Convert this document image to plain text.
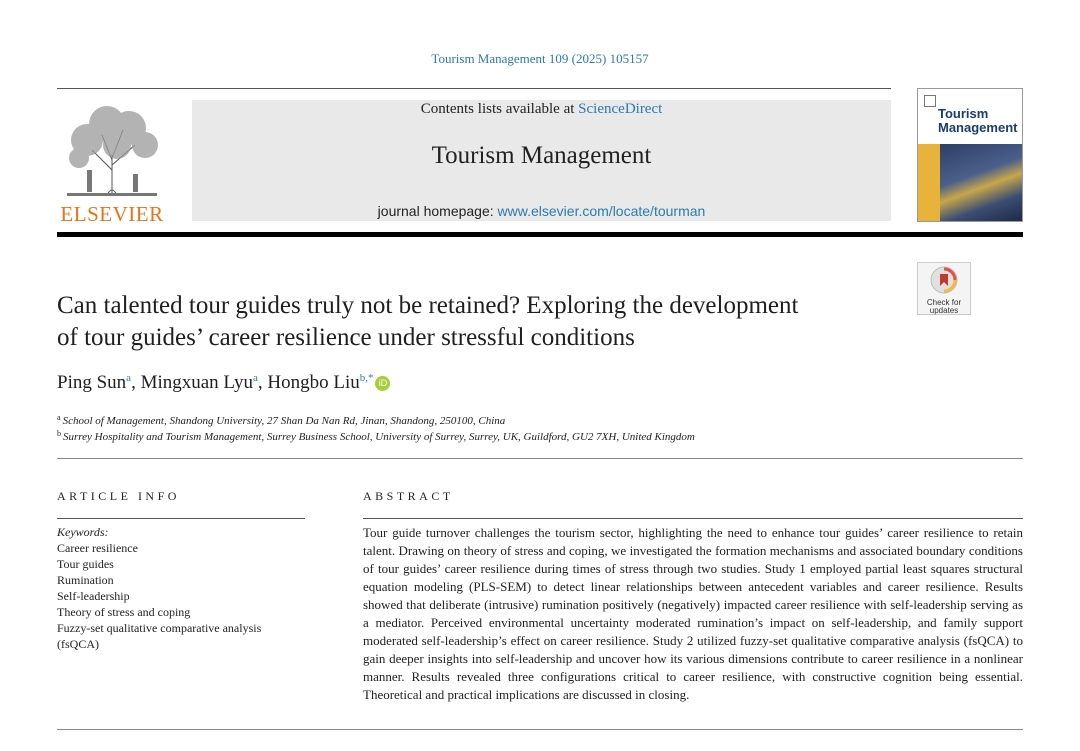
Tourism Management 109 (2025) 105157
ELSEVIER
Contents lists available at ScienceDirect
Tourism Management
journal homepage: www.elsevier.com/locate/tourman
Tourism
Management
Can talented tour guides truly not be retained? Exploring the development
of tour guides’ career resilience under stressful conditions
Check for
updates
Ping Sun$^a$, Mingxuan Lyu$^a$, Hongbo Liu$^{b,*}$ iD
$^a$ School of Management, Shandong University, 27 Shan Da Nan Rd, Jinan, Shandong, 250100, China
$^b$ Surrey Hospitality and Tourism Management, Surrey Business School, University of Surrey, Surrey, UK, Guildford, GU2 7XH, United Kingdom
ARTICLE INFO	ABSTRACT
Keywords:
Career resilience
Tour guides
Rumination
Self-leadership
Theory of stress and coping
Fuzzy-set qualitative comparative analysis
(fsQCA)
Tour guide turnover challenges the tourism sector, highlighting the need to enhance tour guides’ career resilience to retain talent. Drawing on theory of stress and coping, we investigated the formation mechanisms and associated boundary conditions of tour guides’ career resilience during times of stress through two studies. Study 1 employed partial least squares structural equation modeling (PLS-SEM) to detect linear relationships between antecedent variables and career resilience. Results showed that deliberate (intrusive) rumination positively (negatively) impacted career resilience with self-leadership serving as a mediator. Perceived environmental uncertainty moderated rumination’s impact on self-leadership, and family support moderated self-leadership’s effect on career resilience. Study 2 utilized fuzzy-set qualitative comparative analysis (fsQCA) to gain deeper insights into self-leadership and uncover how its various dimensions contribute to career resilience in a nonlinear manner. Results revealed three configurations critical to career resilience, with constructive cognition being essential. Theoretical and practical implications are discussed in closing.
